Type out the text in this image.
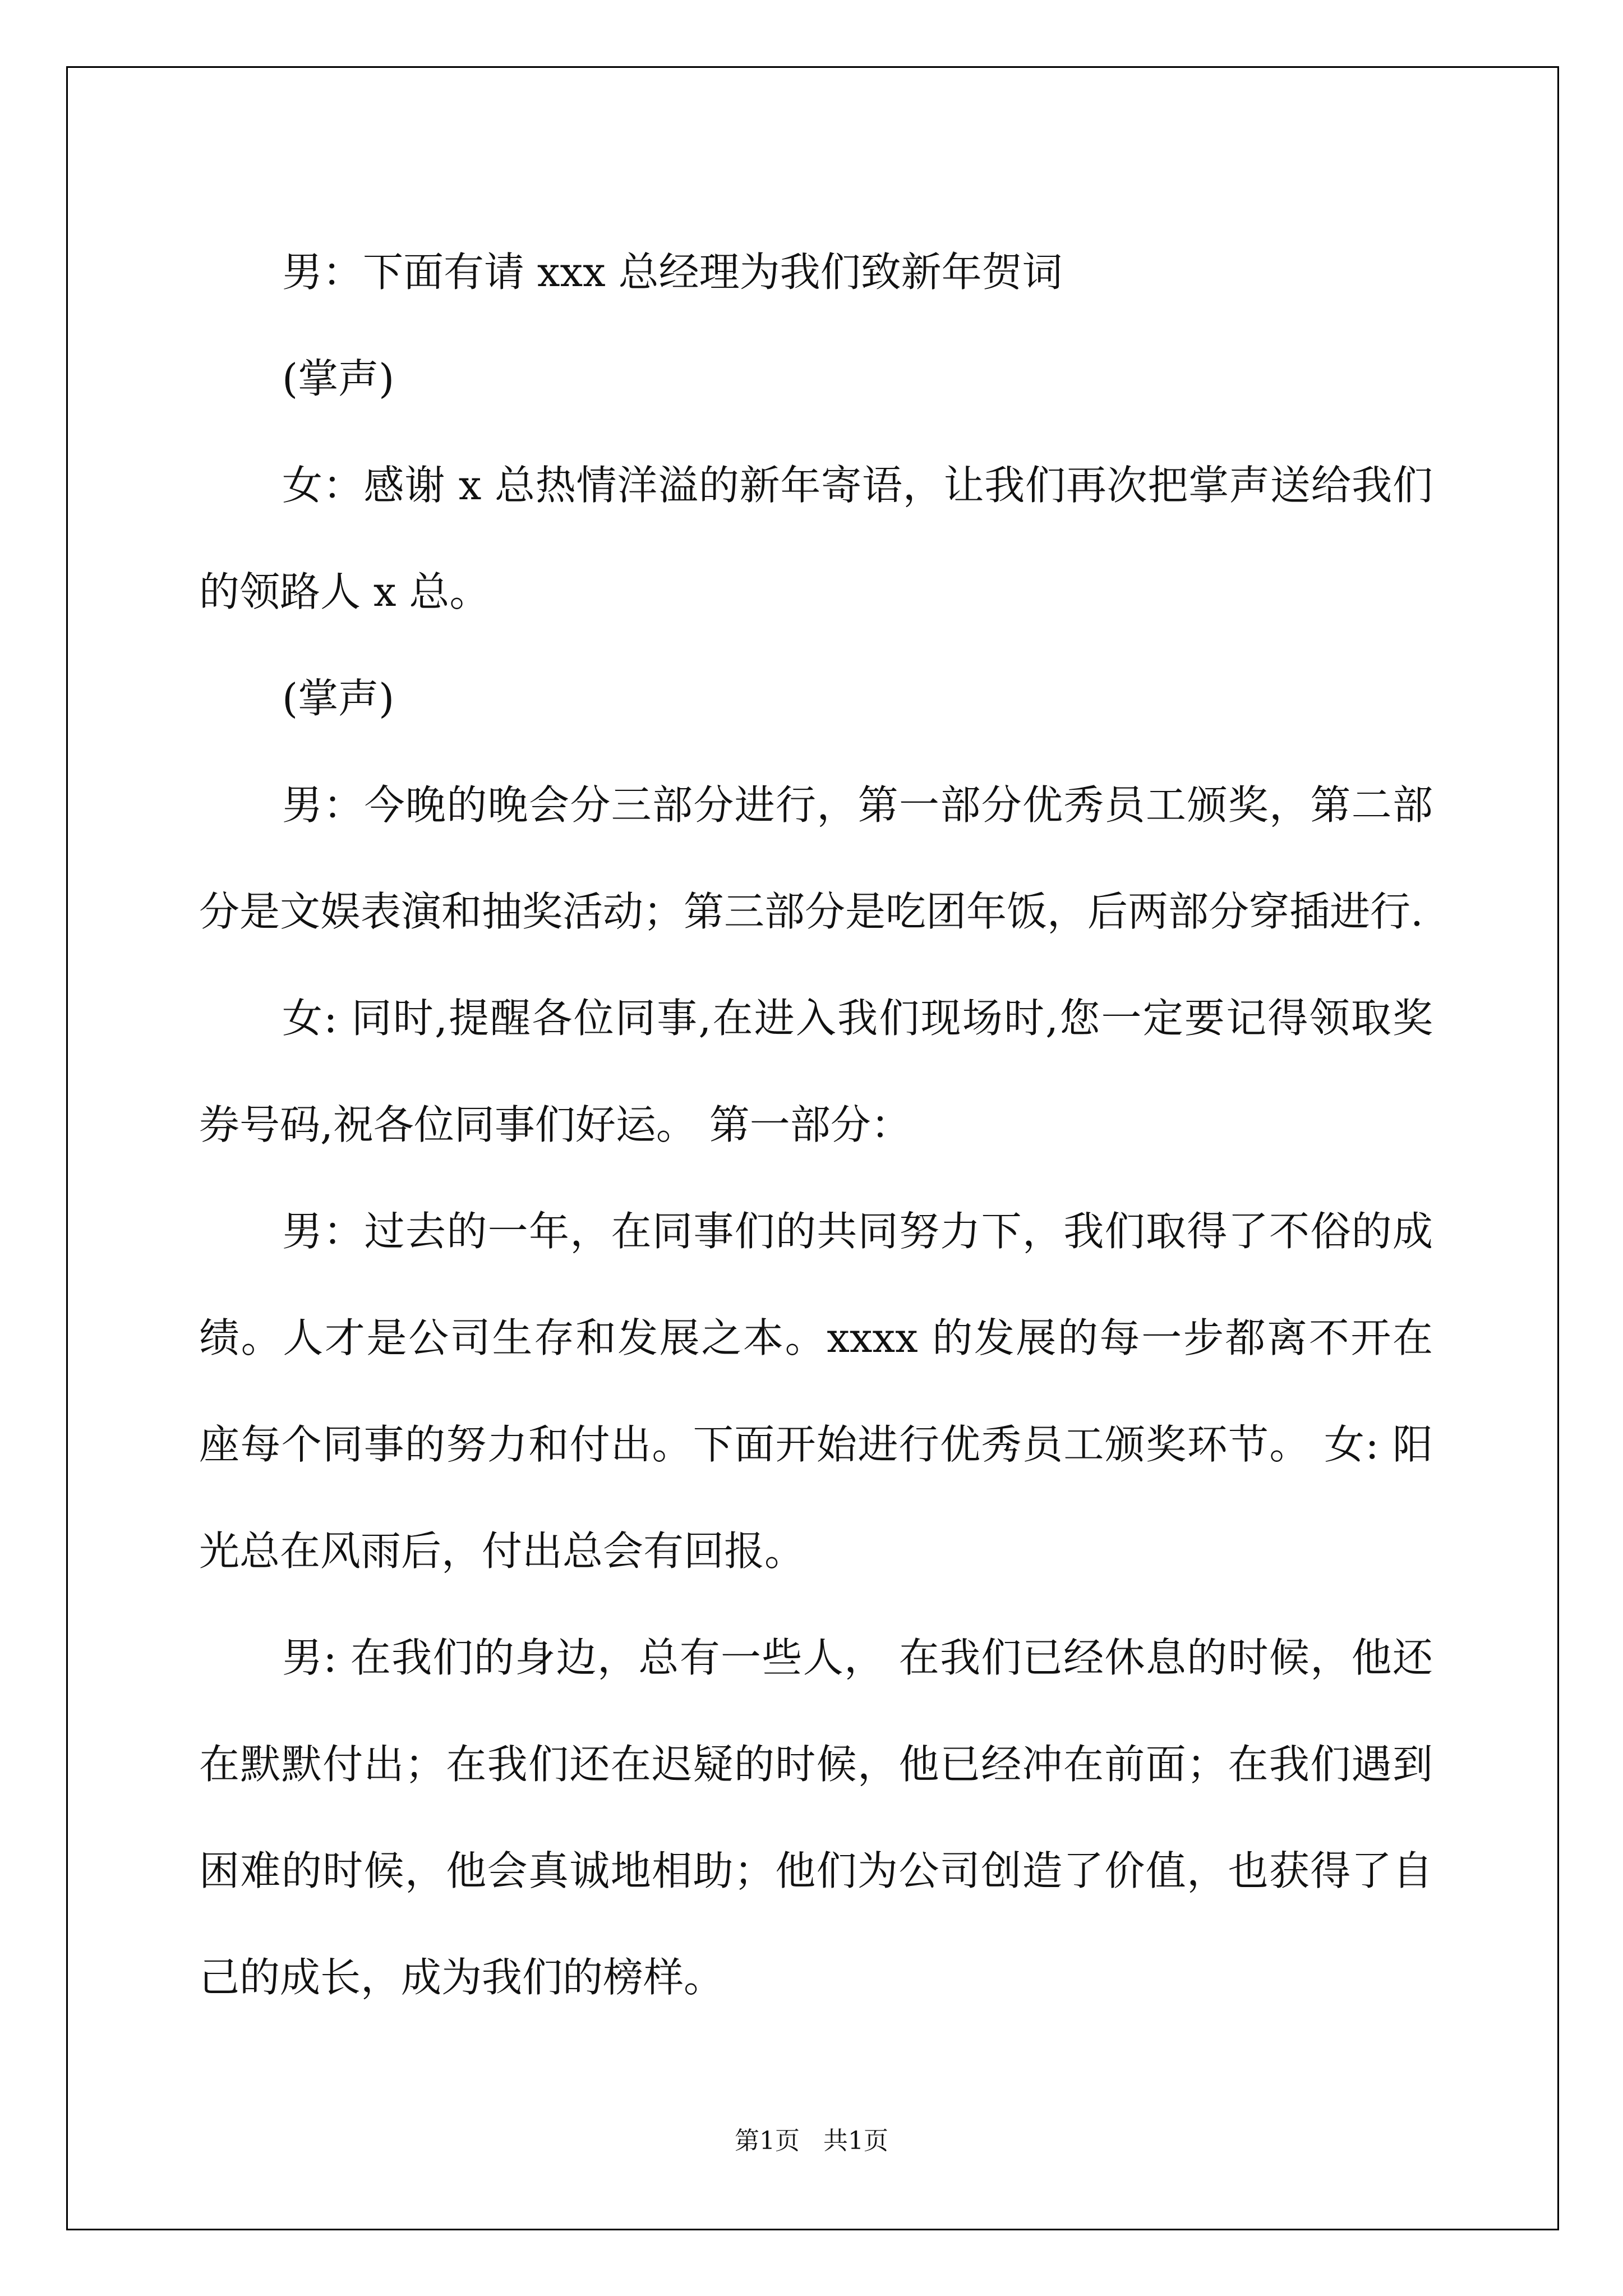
男：下面有请 xxx 总经理为我们致新年贺词

(掌声)

女：感谢 x 总热情洋溢的新年寄语，让我们再次把掌声送给我们的领路人 x 总。

(掌声)

男：今晚的晚会分三部分进行，第一部分优秀员工颁奖，第二部分是文娱表演和抽奖活动；第三部分是吃团年饭，后两部分穿插进行.

女: 同时,提醒各位同事,在进入我们现场时,您一定要记得领取奖券号码,祝各位同事们好运。 第一部分：

男：过去的一年，在同事们的共同努力下，我们取得了不俗的成绩。人才是公司生存和发展之本。xxxx 的发展的每一步都离不开在座每个同事的努力和付出。下面开始进行优秀员工颁奖环节。 女: 阳光总在风雨后，付出总会有回报。

男: 在我们的身边，总有一些人， 在我们已经休息的时候，他还在默默付出；在我们还在迟疑的时候，他已经冲在前面；在我们遇到困难的时候，他会真诚地相助；他们为公司创造了价值，也获得了自己的成长，成为我们的榜样。

第1页   共1页
